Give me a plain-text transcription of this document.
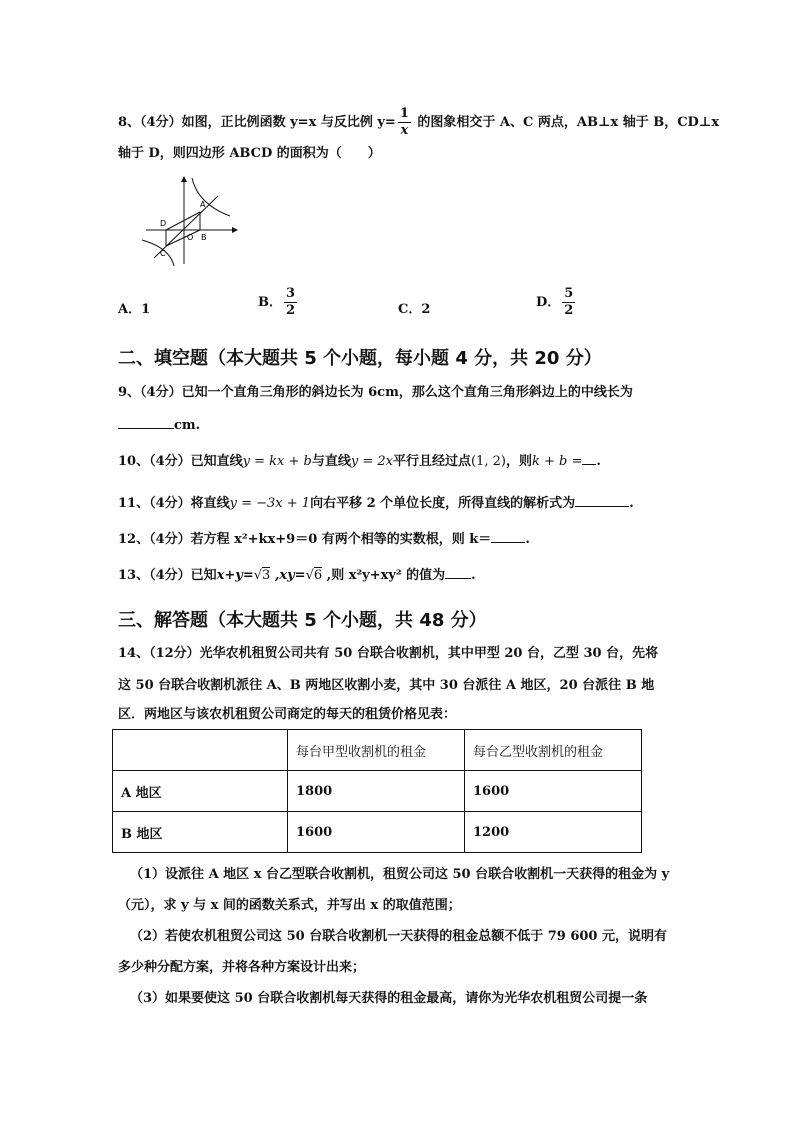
8、（4分）如图，正比例函数 y=x 与反比例 $y= \frac{1}{x}$ 的图象相交于 A、C 两点，AB⊥x 轴于 B，CD⊥x
轴于 D，则四边形 ABCD 的面积为（　　）
A
B
C
D
O
A．1	B． $\frac{3}{2}$	C．2	D． $\frac{5}{2}$
二、填空题（本大题共 5 个小题，每小题 4 分，共 20 分）
9、（4分）已知一个直角三角形的斜边长为 6cm，那么这个直角三角形斜边上的中线长为
cm.
10、（4分）已知直线y = kx + b与直线y = 2x平行且经过点(1, 2)，则k + b = .
11、（4分）将直线y = −3x + 1向右平移 2 个单位长度，所得直线的解析式为	.
12、（4分）若方程 x²+kx+9＝0 有两个相等的实数根，则 k＝	.
13、（4分）已知x+y=√3 ,xy=√6 ,则 x²y+xy² 的值为 .
三、解答题（本大题共 5 个小题，共 48 分）
14、（12分）光华农机租贸公司共有 50 台联合收割机，其中甲型 20 台，乙型 30 台，先将
这 50 台联合收割机派往 A、B 两地区收割小麦，其中 30 台派往 A 地区，20 台派往 B 地
区．两地区与该农机租贸公司商定的每天的租赁价格见表：
	每台甲型收割机的租金	每台乙型收割机的租金
A 地区	1800	1600
B 地区	1600	1200
（1）设派往 A 地区 x 台乙型联合收割机，租贸公司这 50 台联合收割机一天获得的租金为 y
（元），求 y 与 x 间的函数关系式，并写出 x 的取值范围；
（2）若使农机租贸公司这 50 台联合收割机一天获得的租金总额不低于 79 600 元，说明有
多少种分配方案，并将各种方案设计出来；
（3）如果要使这 50 台联合收割机每天获得的租金最高，请你为光华农机租贸公司提一条
